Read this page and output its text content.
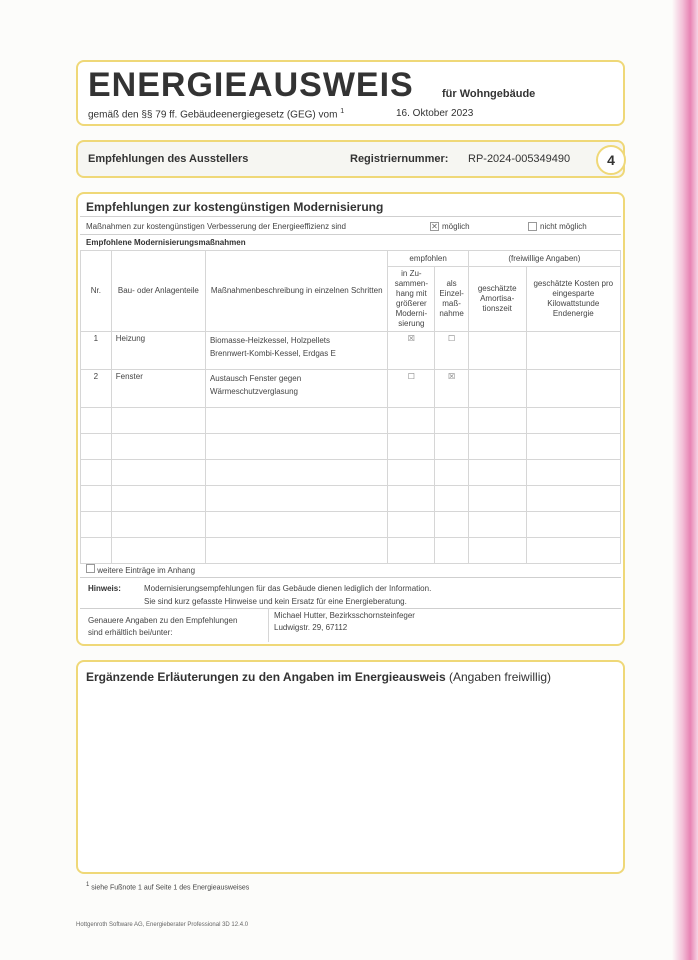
ENERGIEAUSWEIS	für Wohngebäude
gemäß den §§ 79 ff. Gebäudeenergiegesetz (GEG) vom $^1$	16. Oktober 2023
Empfehlungen des Ausstellers	Registriernummer: RP-2024-005349490	4
Empfehlungen zur kostengünstigen Modernisierung
Maßnahmen zur kostengünstigen Verbesserung der Energieeffizienz sind	✕ möglich	nicht möglich
Empfohlene Modernisierungsmaßnahmen
Nr.	Bau- oder Anlagenteile	Maßnahmenbeschreibung in einzelnen Schritten	empfohlen		(freiwillige Angaben)	
			in Zu-sammen-hang mit größerer Moderni-sierung	als Einzel-maß-nahme	geschätzte Amortisa-tionszeit	geschätzte Kosten pro eingesparte Kilowattstunde Endenergie
1	Heizung	Biomasse-Heizkessel, Holzpellets
Brennwert-Kombi-Kessel, Erdgas E	☒	☐		
2	Fenster	Austausch Fenster gegen
Wärmeschutzverglasung	☐	☒		

weitere Einträge im Anhang
Hinweis:	Modernisierungsempfehlungen für das Gebäude dienen lediglich der Information.
Sie sind kurz gefasste Hinweise und kein Ersatz für eine Energieberatung.
Genauere Angaben zu den Empfehlungen
sind erhältlich bei/unter:
Michael Hutter, Bezirksschornsteinfeger
Ludwigstr. 29, 67112
Ergänzende Erläuterungen zu den Angaben im Energieausweis (Angaben freiwillig)
$^1$ siehe Fußnote 1 auf Seite 1 des Energieausweises
Hottgenroth Software AG, Energieberater Professional 3D 12.4.0
